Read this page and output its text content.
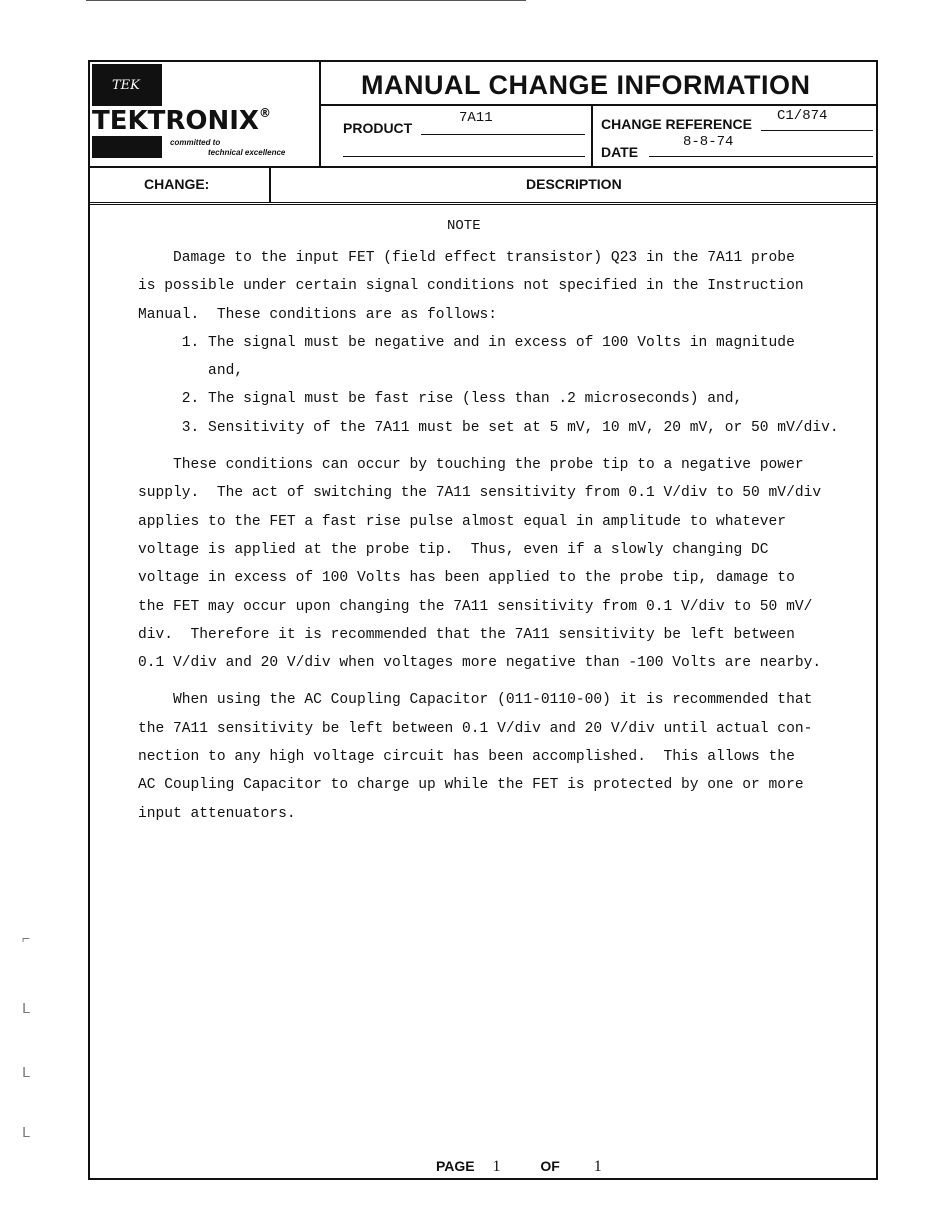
TEK
TEKTRONIX®
committed to
technical excellence
MANUAL CHANGE INFORMATION
PRODUCT
7A11	CHANGE REFERENCE C1/874
DATE
8-8-74
CHANGE:	DESCRIPTION
NOTE

Damage to the input FET (field effect transistor) Q23 in the 7A11 probe

is possible under certain signal conditions not specified in the Instruction

Manual.  These conditions are as follows:

1. The signal must be negative and in excess of 100 Volts in magnitude

and,

2. The signal must be fast rise (less than .2 microseconds) and,

3. Sensitivity of the 7A11 must be set at 5 mV, 10 mV, 20 mV, or 50 mV/div.

These conditions can occur by touching the probe tip to a negative power

supply.  The act of switching the 7A11 sensitivity from 0.1 V/div to 50 mV/div

applies to the FET a fast rise pulse almost equal in amplitude to whatever

voltage is applied at the probe tip.  Thus, even if a slowly changing DC

voltage in excess of 100 Volts has been applied to the probe tip, damage to

the FET may occur upon changing the 7A11 sensitivity from 0.1 V/div to 50 mV/

div.  Therefore it is recommended that the 7A11 sensitivity be left between

0.1 V/div and 20 V/div when voltages more negative than -100 Volts are nearby.

When using the AC Coupling Capacitor (011-0110-00) it is recommended that

the 7A11 sensitivity be left between 0.1 V/div and 20 V/div until actual con-

nection to any high voltage circuit has been accomplished.  This allows the

AC Coupling Capacitor to charge up while the FET is protected by one or more

input attenuators.

PAGE 1	OF 1
⌐
ᒪ
ᒪ
ᒪ
